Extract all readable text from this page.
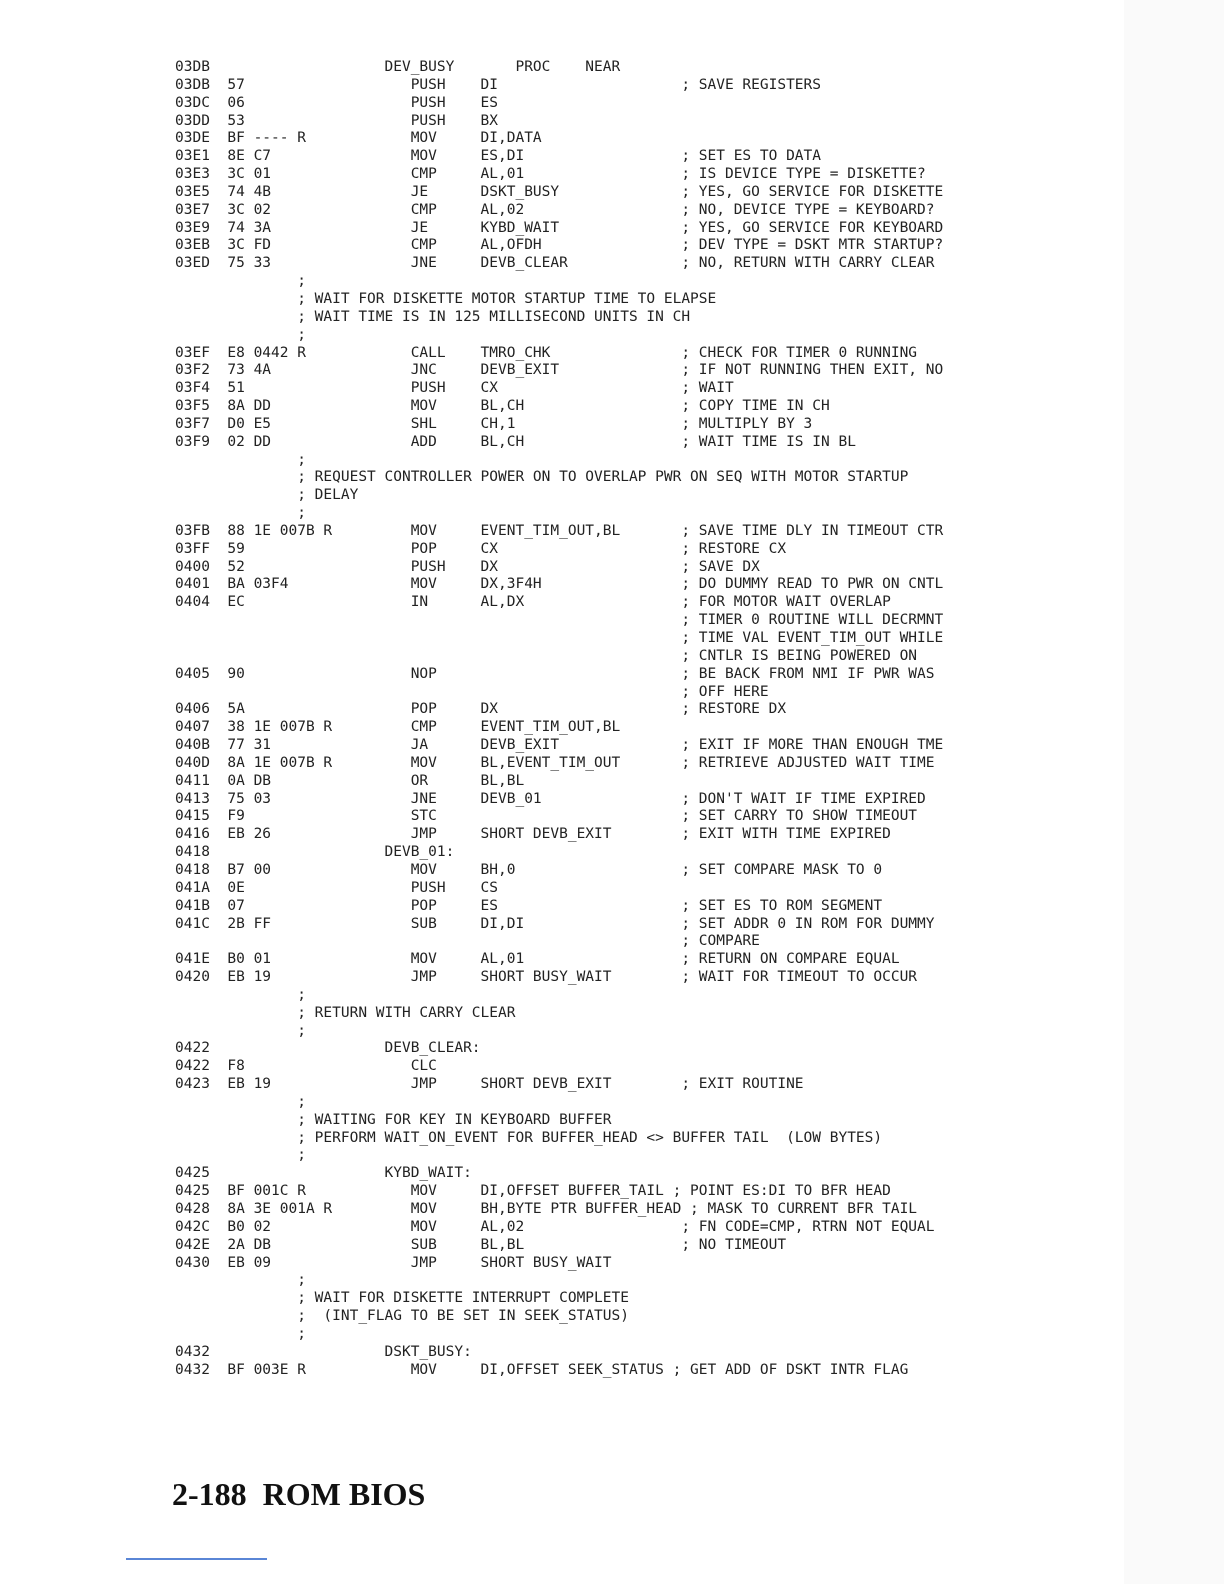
03DB                    DEV_BUSY       PROC    NEAR
03DB  57                   PUSH    DI                     ; SAVE REGISTERS
03DC  06                   PUSH    ES
03DD  53                   PUSH    BX
03DE  BF ---- R            MOV     DI,DATA
03E1  8E C7                MOV     ES,DI                  ; SET ES TO DATA
03E3  3C 01                CMP     AL,01                  ; IS DEVICE TYPE = DISKETTE?
03E5  74 4B                JE      DSKT_BUSY              ; YES, GO SERVICE FOR DISKETTE
03E7  3C 02                CMP     AL,02                  ; NO, DEVICE TYPE = KEYBOARD?
03E9  74 3A                JE      KYBD_WAIT              ; YES, GO SERVICE FOR KEYBOARD
03EB  3C FD                CMP     AL,OFDH                ; DEV TYPE = DSKT MTR STARTUP?
03ED  75 33                JNE     DEVB_CLEAR             ; NO, RETURN WITH CARRY CLEAR
;
; WAIT FOR DISKETTE MOTOR STARTUP TIME TO ELAPSE
; WAIT TIME IS IN 125 MILLISECOND UNITS IN CH
;
03EF  E8 0442 R            CALL    TMRO_CHK               ; CHECK FOR TIMER 0 RUNNING
03F2  73 4A                JNC     DEVB_EXIT              ; IF NOT RUNNING THEN EXIT, NO
03F4  51                   PUSH    CX                     ; WAIT
03F5  8A DD                MOV     BL,CH                  ; COPY TIME IN CH
03F7  D0 E5                SHL     CH,1                   ; MULTIPLY BY 3
03F9  02 DD                ADD     BL,CH                  ; WAIT TIME IS IN BL
;
; REQUEST CONTROLLER POWER ON TO OVERLAP PWR ON SEQ WITH MOTOR STARTUP
; DELAY
;
03FB  88 1E 007B R         MOV     EVENT_TIM_OUT,BL       ; SAVE TIME DLY IN TIMEOUT CTR
03FF  59                   POP     CX                     ; RESTORE CX
0400  52                   PUSH    DX                     ; SAVE DX
0401  BA 03F4              MOV     DX,3F4H                ; DO DUMMY READ TO PWR ON CNTL
0404  EC                   IN      AL,DX                  ; FOR MOTOR WAIT OVERLAP
; TIMER 0 ROUTINE WILL DECRMNT
; TIME VAL EVENT_TIM_OUT WHILE
; CNTLR IS BEING POWERED ON
0405  90                   NOP                            ; BE BACK FROM NMI IF PWR WAS
; OFF HERE
0406  5A                   POP     DX                     ; RESTORE DX
0407  38 1E 007B R         CMP     EVENT_TIM_OUT,BL
040B  77 31                JA      DEVB_EXIT              ; EXIT IF MORE THAN ENOUGH TME
040D  8A 1E 007B R         MOV     BL,EVENT_TIM_OUT       ; RETRIEVE ADJUSTED WAIT TIME
0411  0A DB                OR      BL,BL
0413  75 03                JNE     DEVB_01                ; DON'T WAIT IF TIME EXPIRED
0415  F9                   STC                            ; SET CARRY TO SHOW TIMEOUT
0416  EB 26                JMP     SHORT DEVB_EXIT        ; EXIT WITH TIME EXPIRED
0418                    DEVB_01:
0418  B7 00                MOV     BH,0                   ; SET COMPARE MASK TO 0
041A  0E                   PUSH    CS
041B  07                   POP     ES                     ; SET ES TO ROM SEGMENT
041C  2B FF                SUB     DI,DI                  ; SET ADDR 0 IN ROM FOR DUMMY
; COMPARE
041E  B0 01                MOV     AL,01                  ; RETURN ON COMPARE EQUAL
0420  EB 19                JMP     SHORT BUSY_WAIT        ; WAIT FOR TIMEOUT TO OCCUR
;
; RETURN WITH CARRY CLEAR
;
0422                    DEVB_CLEAR:
0422  F8                   CLC
0423  EB 19                JMP     SHORT DEVB_EXIT        ; EXIT ROUTINE
;
; WAITING FOR KEY IN KEYBOARD BUFFER
; PERFORM WAIT_ON_EVENT FOR BUFFER_HEAD <> BUFFER TAIL  (LOW BYTES)
;
0425                    KYBD_WAIT:
0425  BF 001C R            MOV     DI,OFFSET BUFFER_TAIL ; POINT ES:DI TO BFR HEAD
0428  8A 3E 001A R         MOV     BH,BYTE PTR BUFFER_HEAD ; MASK TO CURRENT BFR TAIL
042C  B0 02                MOV     AL,02                  ; FN CODE=CMP, RTRN NOT EQUAL
042E  2A DB                SUB     BL,BL                  ; NO TIMEOUT
0430  EB 09                JMP     SHORT BUSY_WAIT
;
; WAIT FOR DISKETTE INTERRUPT COMPLETE
;  (INT_FLAG TO BE SET IN SEEK_STATUS)
;
0432                    DSKT_BUSY:
0432  BF 003E R            MOV     DI,OFFSET SEEK_STATUS ; GET ADD OF DSKT INTR FLAG
2-188  ROM BIOS
